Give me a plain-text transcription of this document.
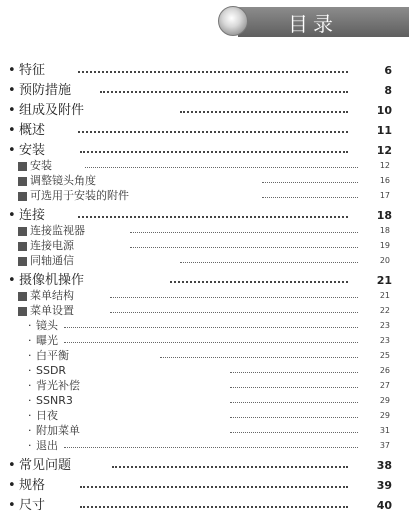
目录
• 特征	6
• 预防措施	8
• 组成及附件	10
• 概述	11
• 安装	12
安装	12
调整镜头角度	16
可选用于安装的附件	17
• 连接	18
连接监视器	18
连接电源	19
同轴通信	20
• 摄像机操作	21
菜单结构	21
菜单设置	22
· 镜头	23
· 曝光	23
· 白平衡	25
· SSDR	26
· 背光补偿	27
· SSNR3	29
· 日夜	29
· 附加菜单	31
· 退出	37
• 常见问题	38
• 规格	39
• 尺寸	40
